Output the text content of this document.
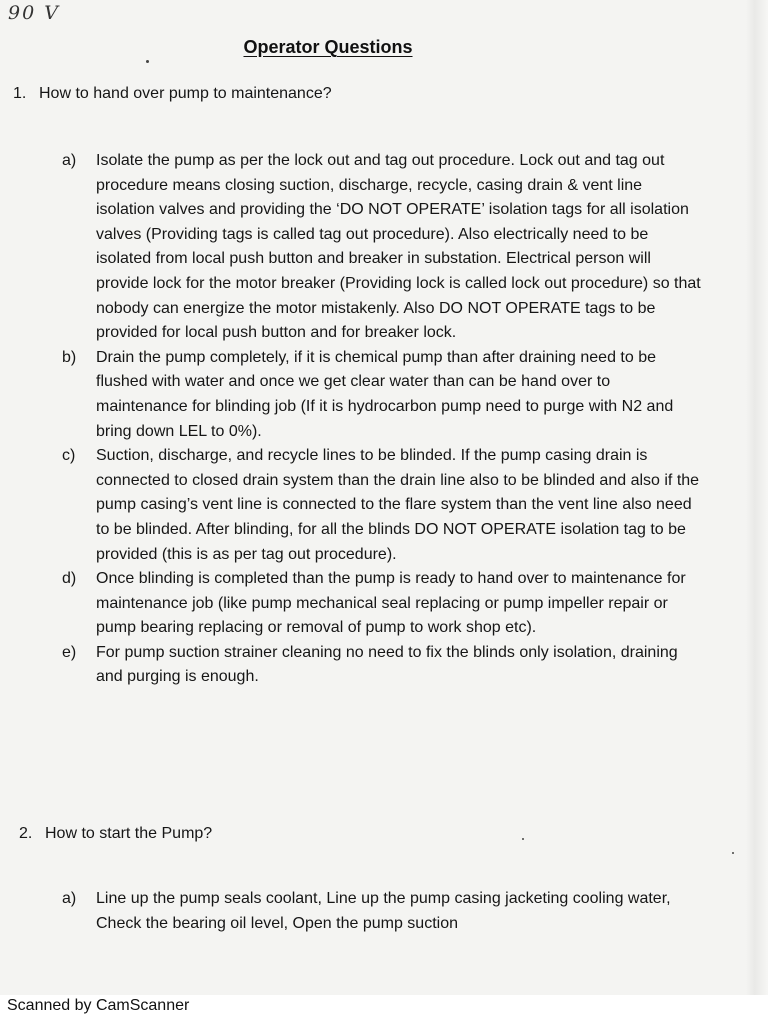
90 V
Operator Questions
1. How to hand over pump to maintenance?
a)	Isolate the pump as per the lock out and tag out procedure. Lock out and tag out procedure means closing suction, discharge, recycle, casing drain & vent line isolation valves and providing the ‘DO NOT OPERATE’ isolation tags for all isolation valves (Providing tags is called tag out procedure). Also electrically need to be isolated from local push button and breaker in substation. Electrical person will provide lock for the motor breaker (Providing lock is called lock out procedure) so that nobody can energize the motor mistakenly. Also DO NOT OPERATE tags to be provided for local push button and for breaker lock.
b)	Drain the pump completely, if it is chemical pump than after draining need to be flushed with water and once we get clear water than can be hand over to maintenance for blinding job (If it is hydrocarbon pump need to purge with N2 and bring down LEL to 0%).
c)	Suction, discharge, and recycle lines to be blinded. If the pump casing drain is connected to closed drain system than the drain line also to be blinded and also if the pump casing’s vent line is connected to the flare system than the vent line also need to be blinded. After blinding, for all the blinds DO NOT OPERATE isolation tag to be provided (this is as per tag out procedure).
d)	Once blinding is completed than the pump is ready to hand over to maintenance for maintenance job (like pump mechanical seal replacing or pump impeller repair or pump bearing replacing or removal of pump to work shop etc).
e)	For pump suction strainer cleaning no need to fix the blinds only isolation, draining and purging is enough.
2. How to start the Pump?
a)	Line up the pump seals coolant, Line up the pump casing jacketing cooling water, Check the bearing oil level, Open the pump suction
Scanned by CamScanner
